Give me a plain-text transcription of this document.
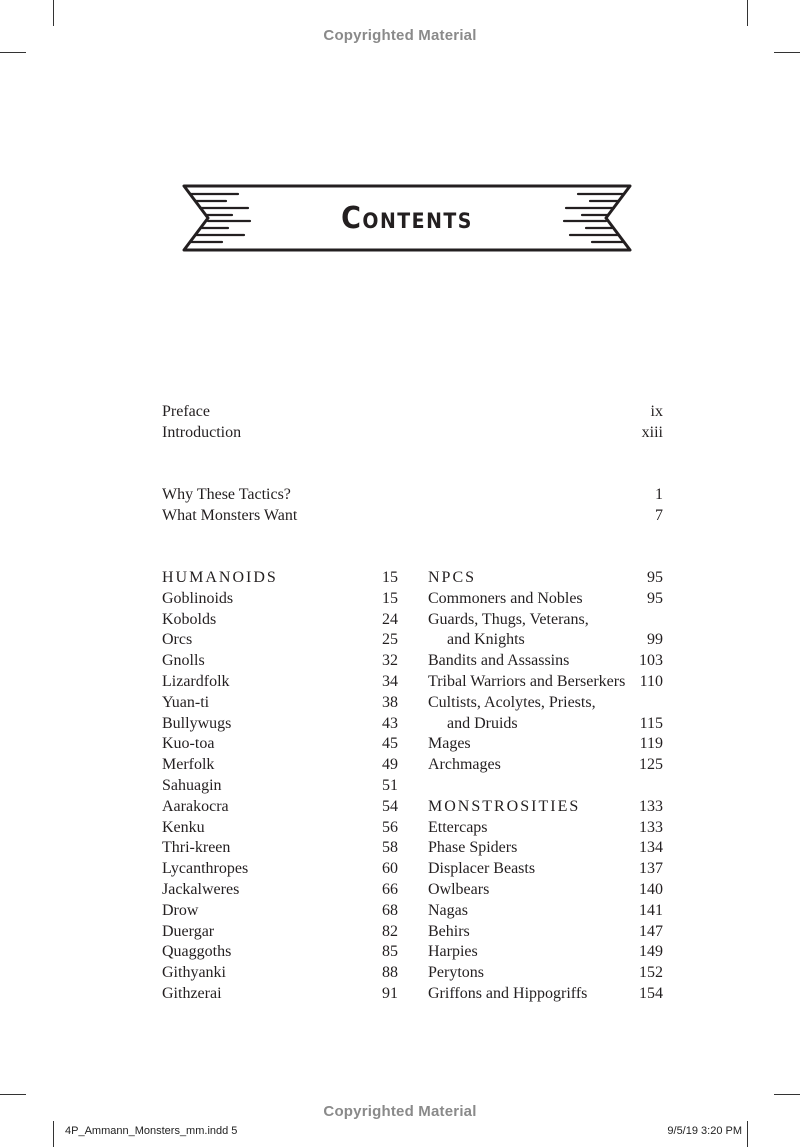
Copyrighted Material
Contents
Preface	ix
Introduction	xiii
Why These Tactics?	1
What Monsters Want	7
HUMANOIDS	15
Goblinoids	15
Kobolds	24
Orcs	25
Gnolls	32
Lizardfolk	34
Yuan-ti	38
Bullywugs	43
Kuo-toa	45
Merfolk	49
Sahuagin	51
Aarakocra	54
Kenku	56
Thri-kreen	58
Lycanthropes	60
Jackalweres	66
Drow	68
Duergar	82
Quaggoths	85
Githyanki	88
Githzerai	91
NPCS	95
Commoners and Nobles	95
Guards, Thugs, Veterans,
and Knights	99
Bandits and Assassins	103
Tribal Warriors and Berserkers 110
Cultists, Acolytes, Priests,
and Druids	115
Mages	119
Archmages	125
MONSTROSITIES	133
Ettercaps	133
Phase Spiders	134
Displacer Beasts	137
Owlbears	140
Nagas	141
Behirs	147
Harpies	149
Perytons	152
Griffons and Hippogriffs	154
Copyrighted Material
4P_Ammann_Monsters_mm.indd 5	9/5/19 3:20 PM
